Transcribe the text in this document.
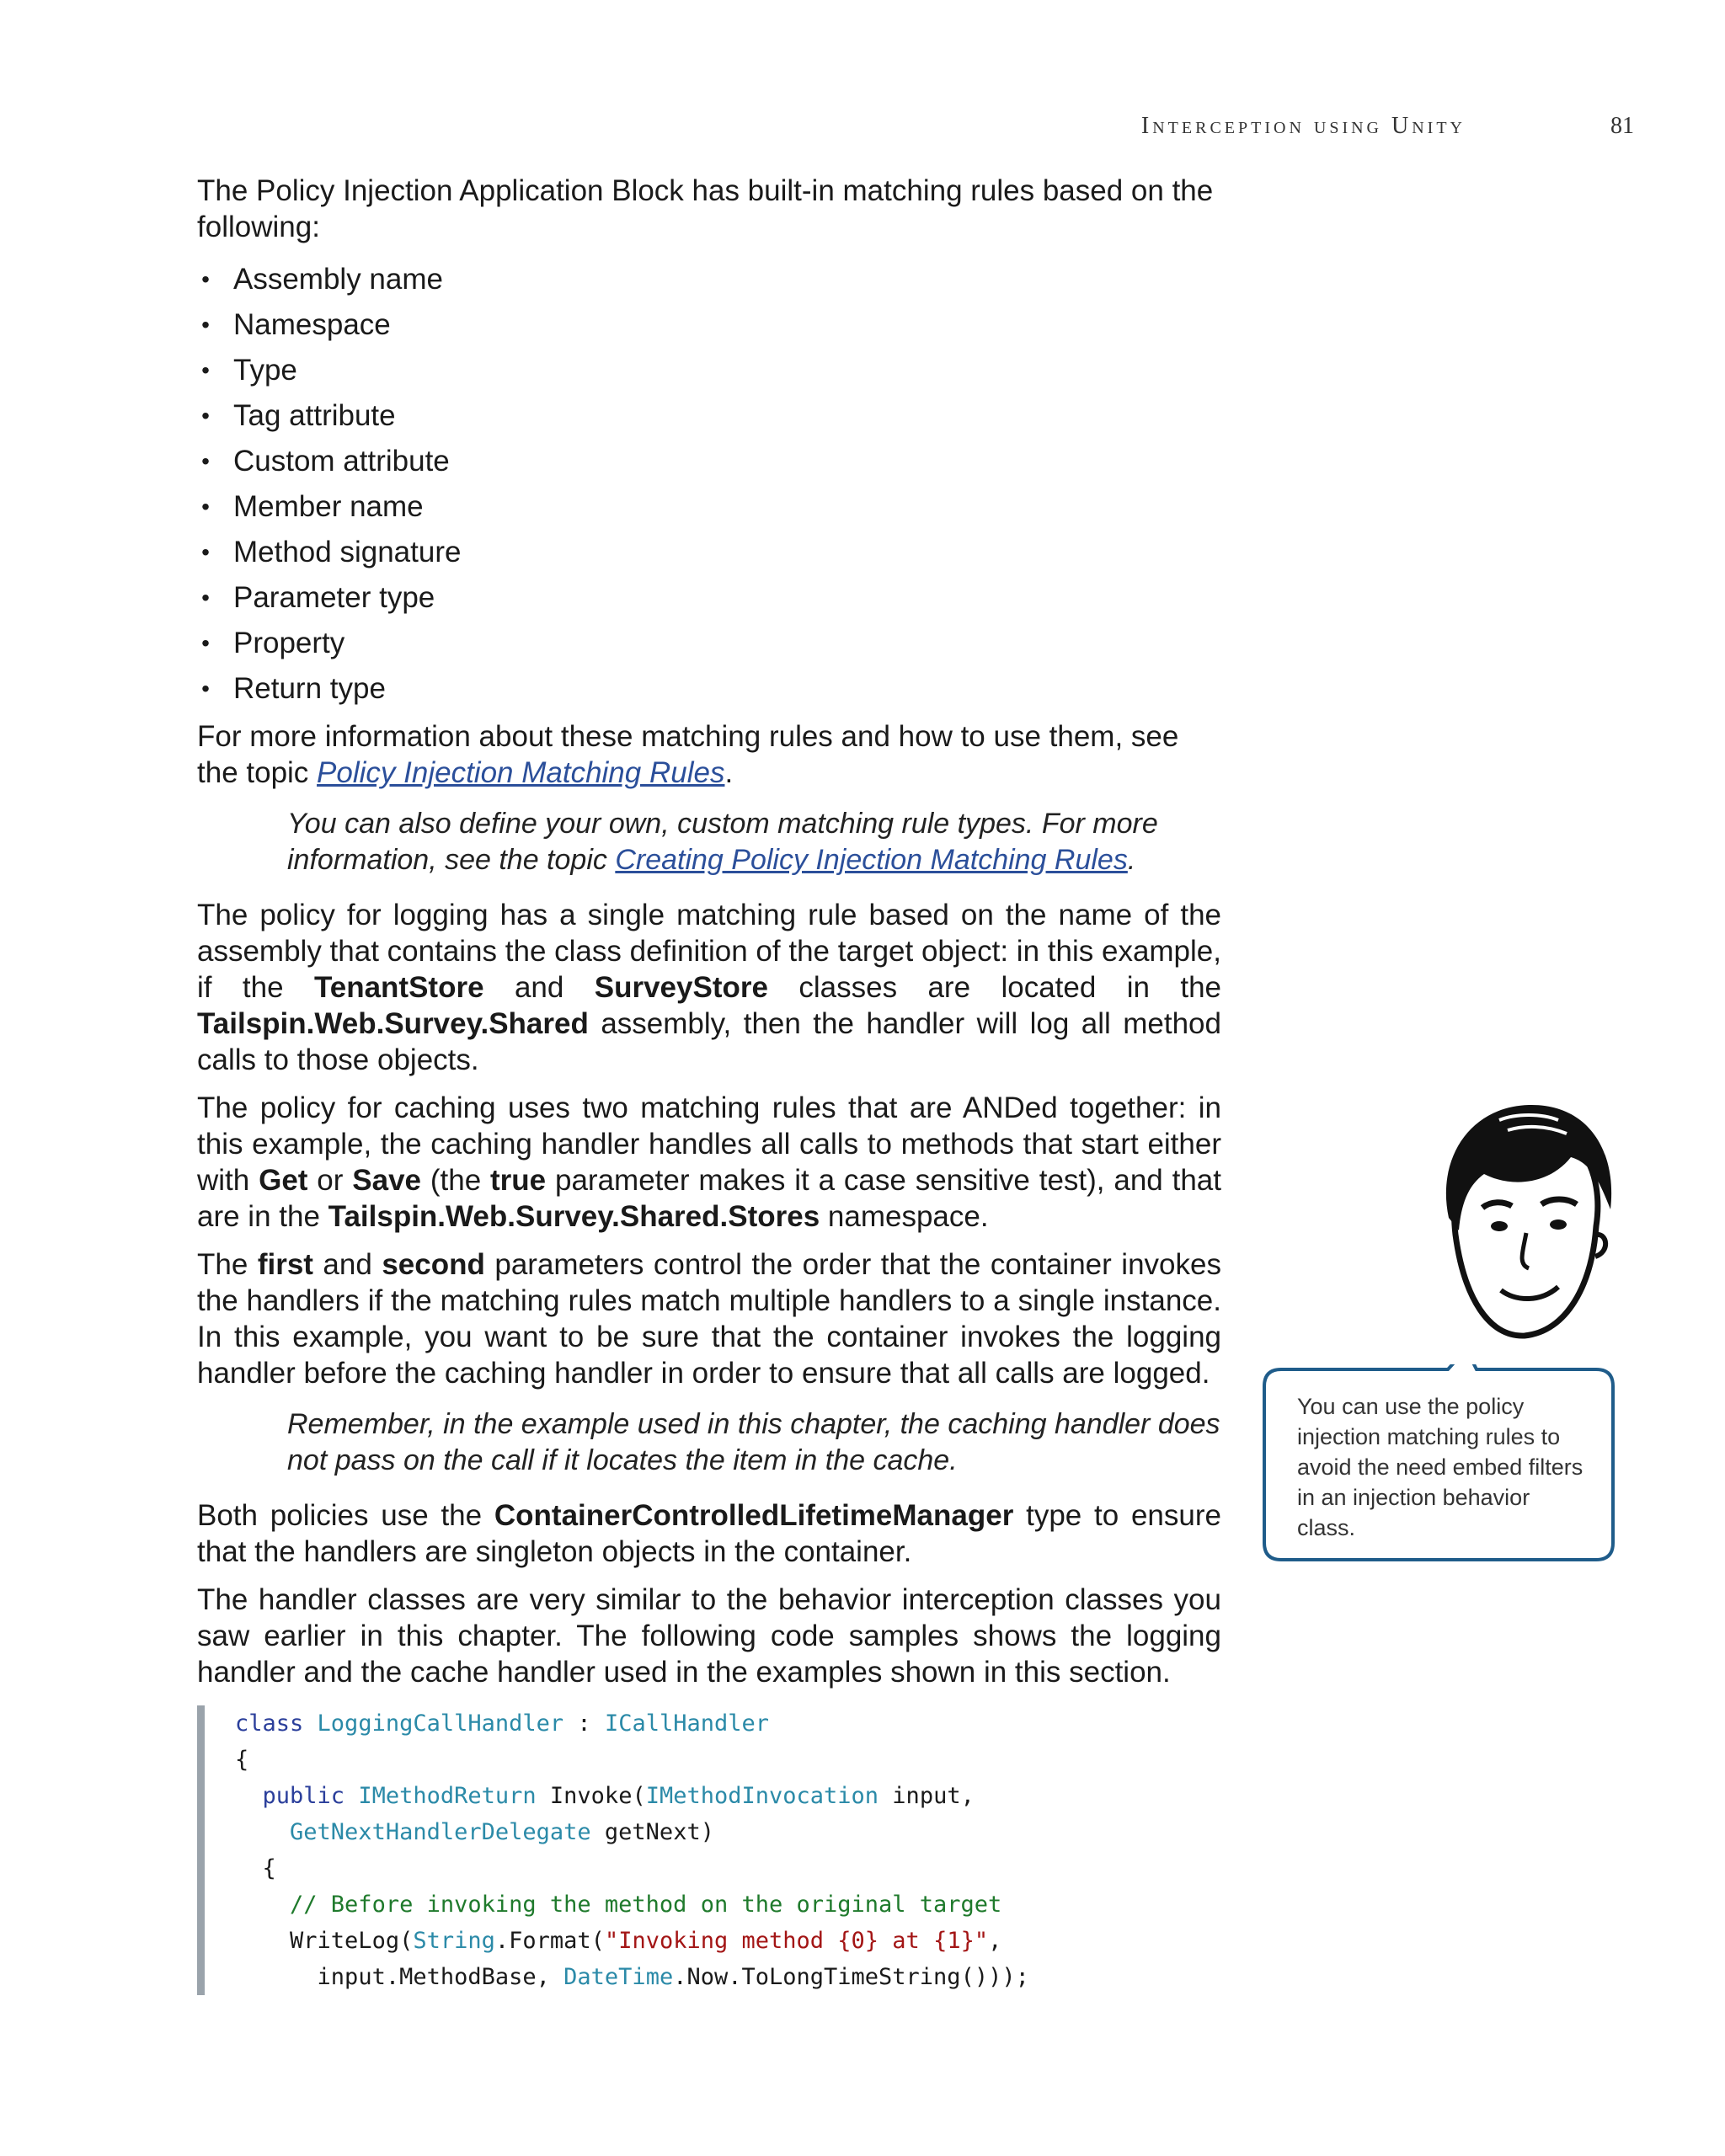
Interception using Unity	81

The Policy Injection Application Block has built-in matching rules based on the following:

• Assembly name
• Namespace
• Type
• Tag attribute
• Custom attribute
• Member name
• Method signature
• Parameter type
• Property
• Return type

For more information about these matching rules and how to use them, see the topic Policy Injection Matching Rules.

You can also define your own, custom matching rule types. For more information, see the topic Creating Policy Injection Matching Rules.

The policy for logging has a single matching rule based on the name of the assembly that contains the class definition of the target object: in this example, if the TenantStore and SurveyStore classes are located in the Tailspin.Web.Survey.Shared assembly, then the handler will log all method calls to those objects.

The policy for caching uses two matching rules that are ANDed together: in this example, the caching handler handles all calls to methods that start either with Get or Save (the true parameter makes it a case sensitive test), and that are in the Tailspin.Web.Survey.Shared.Stores namespace.

The first and second parameters control the order that the container invokes the handlers if the matching rules match multiple handlers to a single instance. In this example, you want to be sure that the container invokes the logging handler before the caching handler in order to ensure that all calls are logged.

Remember, in the example used in this chapter, the caching handler does not pass on the call if it locates the item in the cache.

Both policies use the ContainerControlledLifetimeManager type to ensure that the handlers are singleton objects in the container.

The handler classes are very similar to the behavior interception classes you saw earlier in this chapter. The following code samples shows the logging handler and the cache handler used in the examples shown in this section.

class LoggingCallHandler : ICallHandler
{
public IMethodReturn Invoke(IMethodInvocation input,
GetNextHandlerDelegate getNext)
{
// Before invoking the method on the original target
WriteLog(String.Format("Invoking method {0} at {1}",
input.MethodBase, DateTime.Now.ToLongTimeString()));
You can use the policy injection matching rules to avoid the need embed filters in an injection behavior class.
